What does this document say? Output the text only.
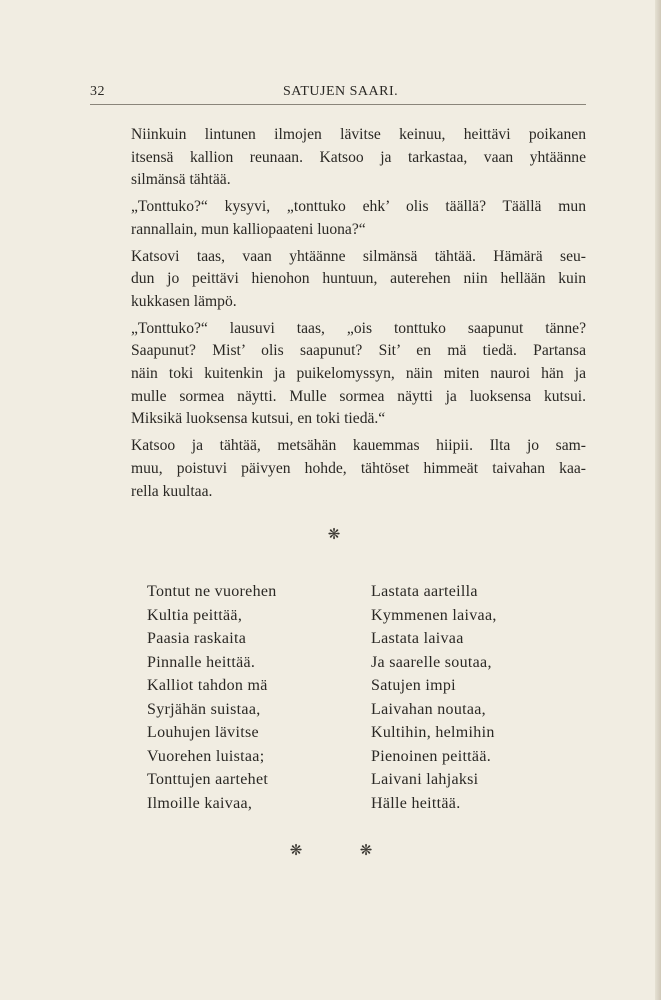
32	SATUJEN SAARI.

Niinkuin lintunen ilmojen lävitse keinuu, heittävi poikanen
itsensä kallion reunaan. Katsoo ja tarkastaa, vaan yhtäänne
silmänsä tähtää.

„Tonttuko?“ kysyvi, „tonttuko ehk’ olis täällä? Täällä mun
rannallain, mun kalliopaateni luona?“

Katsovi taas, vaan yhtäänne silmänsä tähtää. Hämärä seu-
dun jo peittävi hienohon huntuun, auterehen niin hellään kuin
kukkasen lämpö.

„Tonttuko?“ lausuvi taas, „ois tonttuko saapunut tänne?
Saapunut? Mist’ olis saapunut? Sit’ en mä tiedä. Partansa
näin toki kuitenkin ja puikelomyssyn, näin miten nauroi hän ja
mulle sormea näytti. Mulle sormea näytti ja luoksensa kutsui.
Miksikä luoksensa kutsui, en toki tiedä.“

Katsoo ja tähtää, metsähän kauemmas hiipii. Ilta jo sam-
muu, poistuvi päivyen hohde, tähtöset himmeät taivahan kaa-
rella kuultaa.

❋
Tontut ne vuorehen
Kultia peittää,
Paasia raskaita
Pinnalle heittää.
Kalliot tahdon mä
Syrjähän suistaa,
Louhujen lävitse
Vuorehen luistaa;
Tonttujen aartehet
Ilmoille kaivaa,
Lastata aarteilla
Kymmenen laivaa,
Lastata laivaa
Ja saarelle soutaa,
Satujen impi
Laivahan noutaa,
Kultihin, helmihin
Pienoinen peittää.
Laivani lahjaksi
Hälle heittää.
❋	❋
